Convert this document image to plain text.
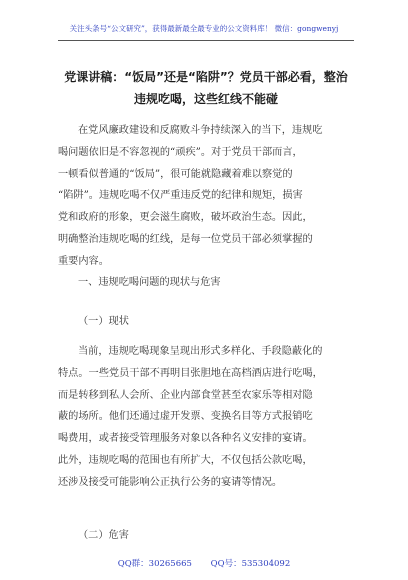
关注头条号“公文研究”，获得最新最全最专业的公文资料库！ 微信：gongwenyj
党课讲稿：“饭局”还是“陷阱”？党员干部必看，整治
违规吃喝，这些红线不能碰
在党风廉政建设和反腐败斗争持续深入的当下，违规吃
喝问题依旧是不容忽视的“顽疾”。对于党员干部而言，
一顿看似普通的“饭局”，很可能就隐藏着难以察觉的
“陷阱”。违规吃喝不仅严重违反党的纪律和规矩，损害
党和政府的形象，更会滋生腐败，破坏政治生态。因此，
明确整治违规吃喝的红线，是每一位党员干部必须掌握的
重要内容。
一、违规吃喝问题的现状与危害
（一）现状
当前，违规吃喝现象呈现出形式多样化、手段隐蔽化的
特点。一些党员干部不再明目张胆地在高档酒店进行吃喝，
而是转移到私人会所、企业内部食堂甚至农家乐等相对隐
蔽的场所。他们还通过虚开发票、变换名目等方式报销吃
喝费用，或者接受管理服务对象以各种名义安排的宴请。
此外，违规吃喝的范围也有所扩大，不仅包括公款吃喝，
还涉及接受可能影响公正执行公务的宴请等情况。
（二）危害
QQ群：30265665 QQ号：535304092
